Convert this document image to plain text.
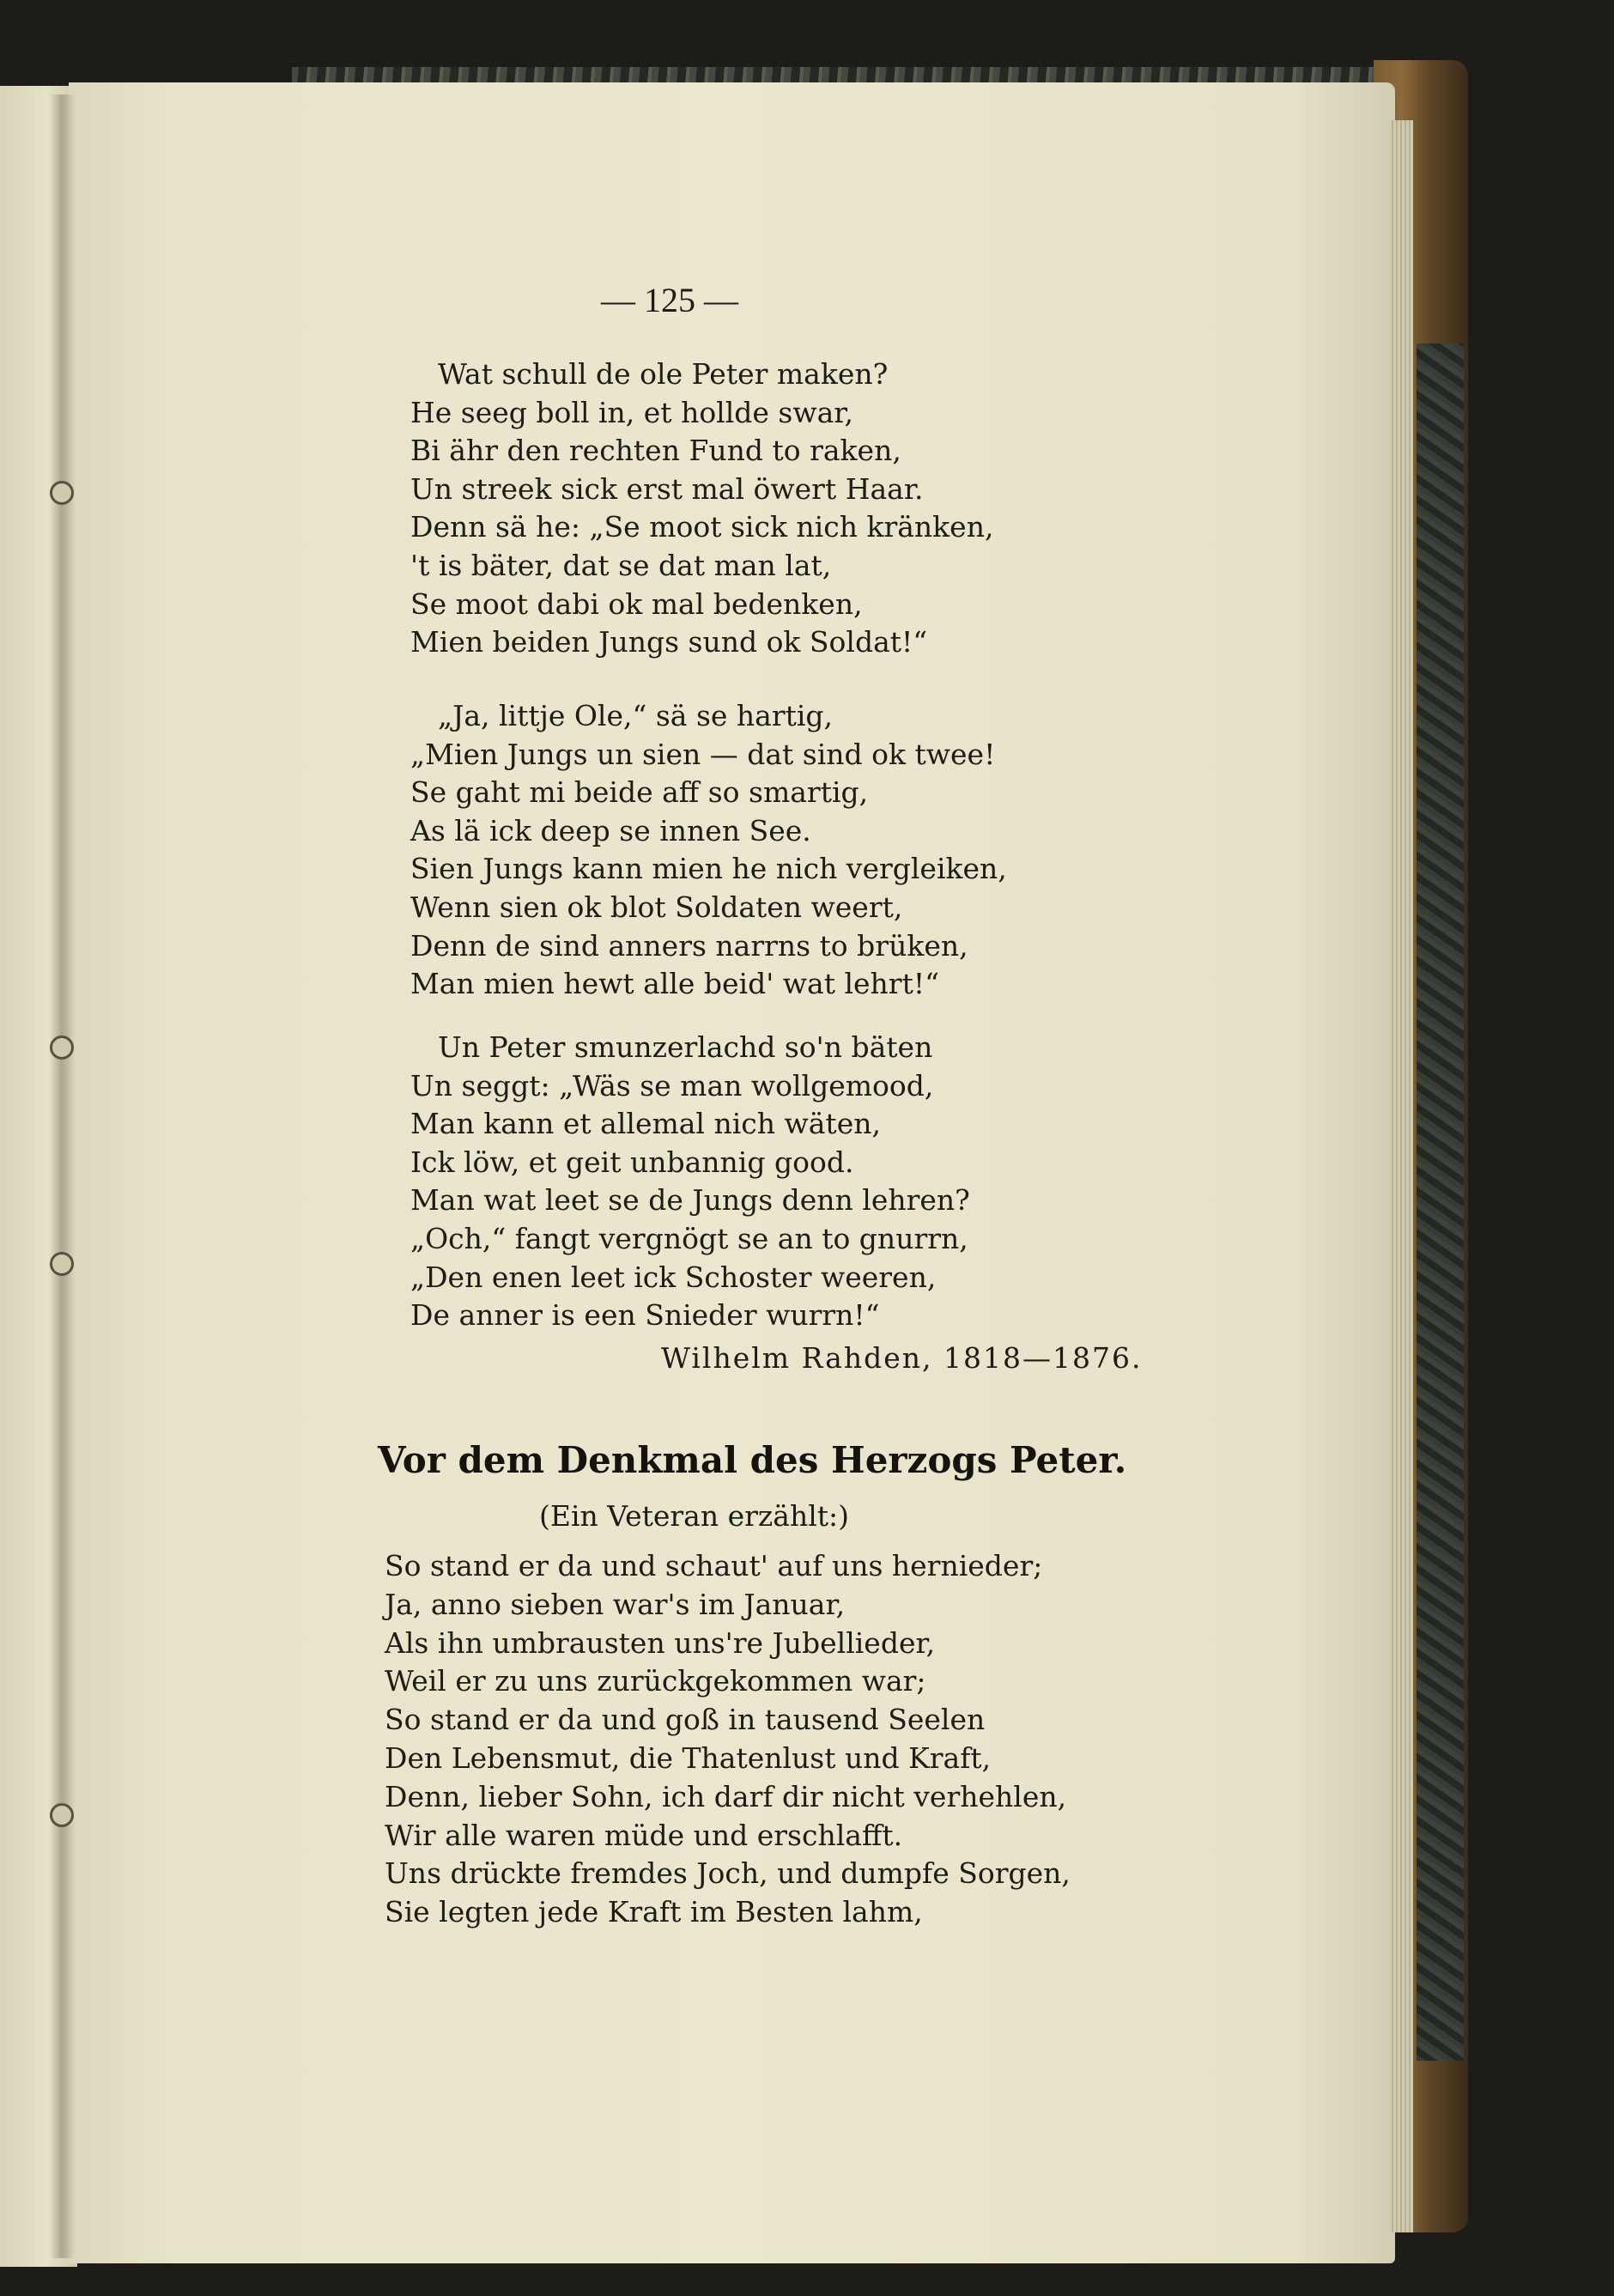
— 125 —

Wat schull de ole Peter maken?

He seeg boll in, et hollde swar,

Bi ähr den rechten Fund to raken,

Un streek sick erst mal öwert Haar.

Denn sä he: „Se moot sick nich kränken,

't is bäter, dat se dat man lat,

Se moot dabi ok mal bedenken,

Mien beiden Jungs sund ok Soldat!“

„Ja, littje Ole,“ sä se hartig,

„Mien Jungs un sien — dat sind ok twee!

Se gaht mi beide aff so smartig,

As lä ick deep se innen See.

Sien Jungs kann mien he nich vergleiken,

Wenn sien ok blot Soldaten weert,

Denn de sind anners narrns to brüken,

Man mien hewt alle beid' wat lehrt!“

Un Peter smunzerlachd so'n bäten

Un seggt: „Wäs se man wollgemood,

Man kann et allemal nich wäten,

Ick löw, et geit unbannig good.

Man wat leet se de Jungs denn lehren?

„Och,“ fangt vergnögt se an to gnurrn,

„Den enen leet ick Schoster weeren,

De anner is een Snieder wurrn!“

Wilhelm Rahden, 1818—1876.
Vor dem Denkmal des Herzogs Peter.
(Ein Veteran erzählt:)

So stand er da und schaut' auf uns hernieder;

Ja, anno sieben war's im Januar,

Als ihn umbrausten uns're Jubellieder,

Weil er zu uns zurückgekommen war;

So stand er da und goß in tausend Seelen

Den Lebensmut, die Thatenlust und Kraft,

Denn, lieber Sohn, ich darf dir nicht verhehlen,

Wir alle waren müde und erschlafft.

Uns drückte fremdes Joch, und dumpfe Sorgen,

Sie legten jede Kraft im Besten lahm,
